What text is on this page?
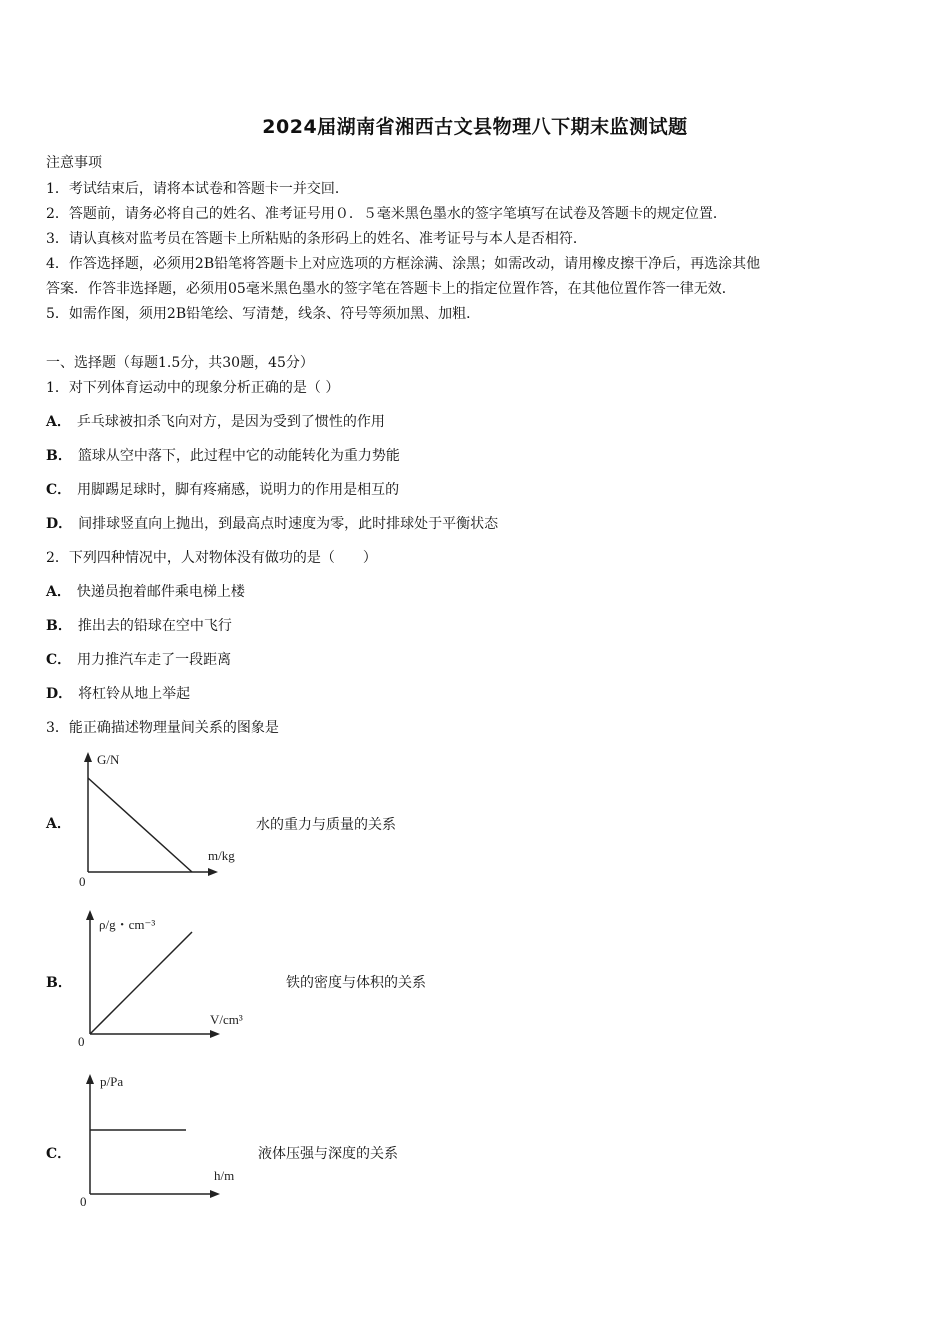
2024届湖南省湘西古文县物理八下期末监测试题
注意事项
1．考试结束后，请将本试卷和答题卡一并交回．
2．答题前，请务必将自己的姓名、准考证号用０．５毫米黑色墨水的签字笔填写在试卷及答题卡的规定位置．
3．请认真核对监考员在答题卡上所粘贴的条形码上的姓名、准考证号与本人是否相符．
4．作答选择题，必须用2B铅笔将答题卡上对应选项的方框涂满、涂黑；如需改动，请用橡皮擦干净后，再选涂其他
答案．作答非选择题，必须用05毫米黑色墨水的签字笔在答题卡上的指定位置作答，在其他位置作答一律无效．
5．如需作图，须用2B铅笔绘、写清楚，线条、符号等须加黑、加粗．
一、选择题（每题1.5分，共30题，45分）
1．对下列体育运动中的现象分析正确的是（ ）
A． 乒乓球被扣杀飞向对方，是因为受到了惯性的作用
B． 篮球从空中落下，此过程中它的动能转化为重力势能
C． 用脚踢足球时，脚有疼痛感，说明力的作用是相互的
D． 间排球竖直向上抛出，到最高点时速度为零，此时排球处于平衡状态
2．下列四种情况中，人对物体没有做功的是（　　）
A． 快递员抱着邮件乘电梯上楼
B． 推出去的铅球在空中飞行
C． 用力推汽车走了一段距离
D． 将杠铃从地上举起
3．能正确描述物理量间关系的图象是
A．
G/N
m/kg
0
水的重力与质量的关系
B．
ρ/g・cm⁻³
V/cm³
0
铁的密度与体积的关系
C．
p/Pa
h/m
0
液体压强与深度的关系
